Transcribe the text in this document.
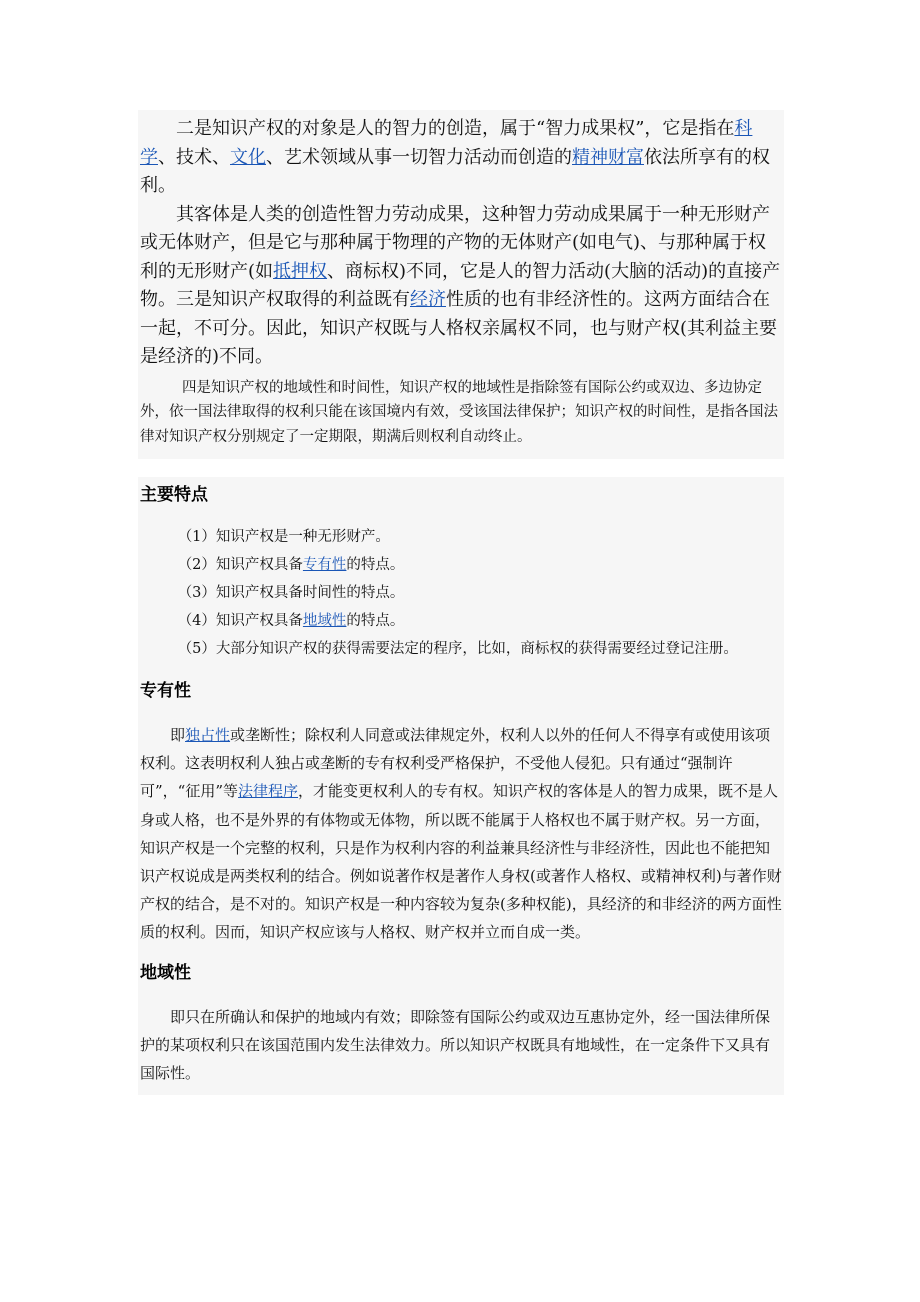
二是知识产权的对象是人的智力的创造，属于“智力成果权”，它是指在科学、技术、文化、艺术领域从事一切智力活动而创造的精神财富依法所享有的权利。

其客体是人类的创造性智力劳动成果，这种智力劳动成果属于一种无形财产或无体财产，但是它与那种属于物理的产物的无体财产(如电气)、与那种属于权利的无形财产(如抵押权、商标权)不同，它是人的智力活动(大脑的活动)的直接产物。三是知识产权取得的利益既有经济性质的也有非经济性的。这两方面结合在一起，不可分。因此，知识产权既与人格权亲属权不同，也与财产权(其利益主要是经济的)不同。

四是知识产权的地域性和时间性，知识产权的地域性是指除签有国际公约或双边、多边协定外，依一国法律取得的权利只能在该国境内有效，受该国法律保护；知识产权的时间性，是指各国法律对知识产权分别规定了一定期限，期满后则权利自动终止。

主要特点

（1）知识产权是一种无形财产。

（2）知识产权具备专有性的特点。

（3）知识产权具备时间性的特点。

（4）知识产权具备地域性的特点。

（5）大部分知识产权的获得需要法定的程序，比如，商标权的获得需要经过登记注册。

专有性

即独占性或垄断性；除权利人同意或法律规定外，权利人以外的任何人不得享有或使用该项权利。这表明权利人独占或垄断的专有权利受严格保护，不受他人侵犯。只有通过“强制许可”，“征用”等法律程序，才能变更权利人的专有权。知识产权的客体是人的智力成果，既不是人身或人格，也不是外界的有体物或无体物，所以既不能属于人格权也不属于财产权。另一方面，知识产权是一个完整的权利，只是作为权利内容的利益兼具经济性与非经济性，因此也不能把知识产权说成是两类权利的结合。例如说著作权是著作人身权(或著作人格权、或精神权利)与著作财产权的结合，是不对的。知识产权是一种内容较为复杂(多种权能)，具经济的和非经济的两方面性质的权利。因而，知识产权应该与人格权、财产权并立而自成一类。

地域性

即只在所确认和保护的地域内有效；即除签有国际公约或双边互惠协定外，经一国法律所保护的某项权利只在该国范围内发生法律效力。所以知识产权既具有地域性，在一定条件下又具有国际性。
